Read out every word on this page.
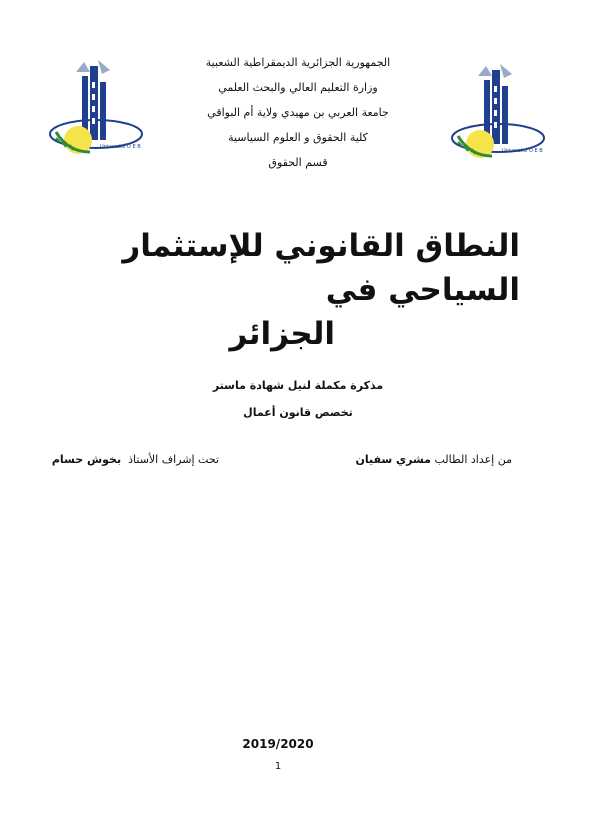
Université O E B
Université O E B
الجمهورية الجزائرية الديمقراطية الشعبية
وزارة التعليم العالي والبحث العلمي
جامعة العربي بن مهيدي ولاية أم البواقي
كلية الحقوق و العلوم السياسية
قسم الحقوق
النطاق القانوني للإستثمار السياحي في
الجزائر
مذكرة مكملة لنيل شهادة ماستر
تخصص قانون أعمال
من إعداد الطالب مشري سفيان
تحت إشراف الأستاذ  بخوش حسام
2019/2020
1
